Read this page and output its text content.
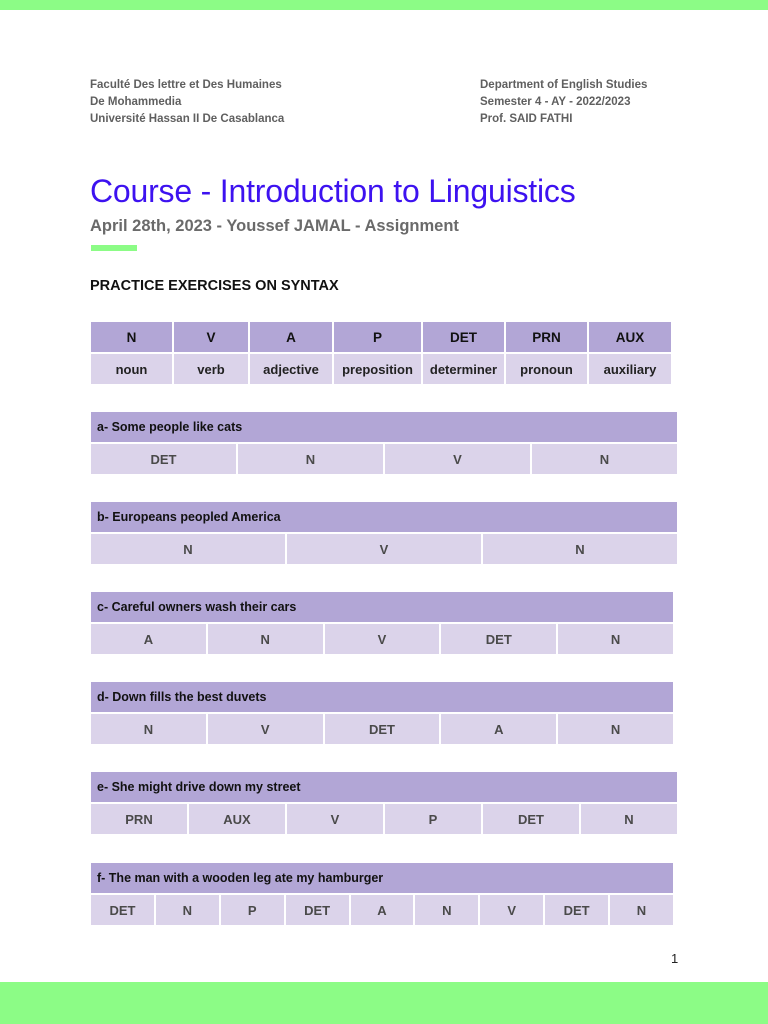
Faculté Des lettre et Des Humaines
De Mohammedia
Université Hassan II De Casablanca
Department of English Studies
Semester 4 - AY - 2022/2023
Prof. SAID FATHI
Course - Introduction to Linguistics
April 28th, 2023 - Youssef JAMAL - Assignment
PRACTICE EXERCISES ON SYNTAX
N	V	A	P	DET	PRN	AUX
noun	verb	adjective	preposition	determiner	pronoun	auxiliary
a- Some people like cats
DET	N	V	N
b- Europeans peopled America
N	V	N
c- Careful owners wash their cars
A	N	V	DET	N
d- Down fills the best duvets
N	V	DET	A	N
e- She might drive down my street
PRN	AUX	V	P	DET	N
f- The man with a wooden leg ate my hamburger
DET	N	P	DET	A	N	V	DET	N
1
